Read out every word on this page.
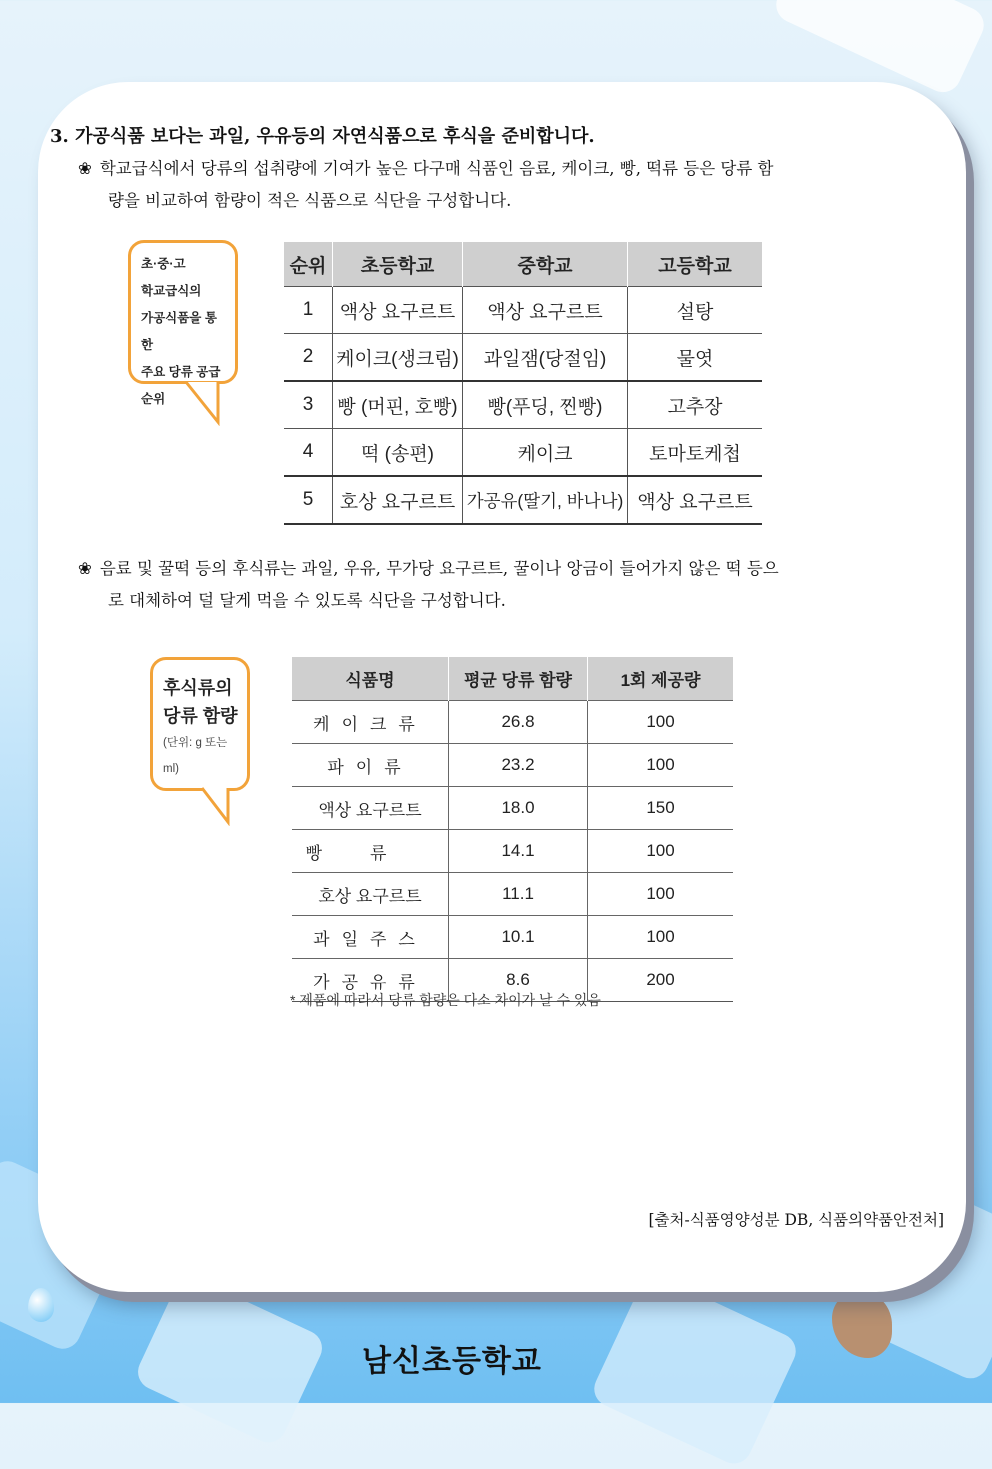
3. 가공식품 보다는 과일, 우유등의 자연식품으로 후식을 준비합니다.

❀ 학교급식에서 당류의 섭취량에 기여가 높은 다구매 식품인 음료, 케이크, 빵, 떡류 등은 당류 함
량을 비교하여 함량이 적은 식품으로 식단을 구성합니다.

초·중·고
학교급식의
가공식품을 통한
주요 당류 공급 순위
순위	초등학교	중학교	고등학교
1	액상 요구르트	액상 요구르트	설탕
2	케이크(생크림)	과일잼(당절임)	물엿
3	빵 (머핀, 호빵)	빵(푸딩, 찐빵)	고추장
4	떡 (송편)	케이크	토마토케첩
5	호상 요구르트	가공유(딸기, 바나나)	액상 요구르트

❀ 음료 및 꿀떡 등의 후식류는 과일, 우유, 무가당 요구르트, 꿀이나 앙금이 들어가지 않은 떡 등으
로 대체하여 덜 달게 먹을 수 있도록 식단을 구성합니다.

후식류의
당류 함량
(단위: g 또는ml)
식품명	평균 당류 함량	1회 제공량
케이크류	26.8	100
파이류	23.2	100
액상 요구르트	18.0	150
빵류	14.1	100
호상 요구르트	11.1	100
과일주스	10.1	100
가공유류	8.6	200

* 제품에 따라서 당류 함량은 다소 차이가 날 수 있음

[출처-식품영양성분 DB, 식품의약품안전처]

남신초등학교
